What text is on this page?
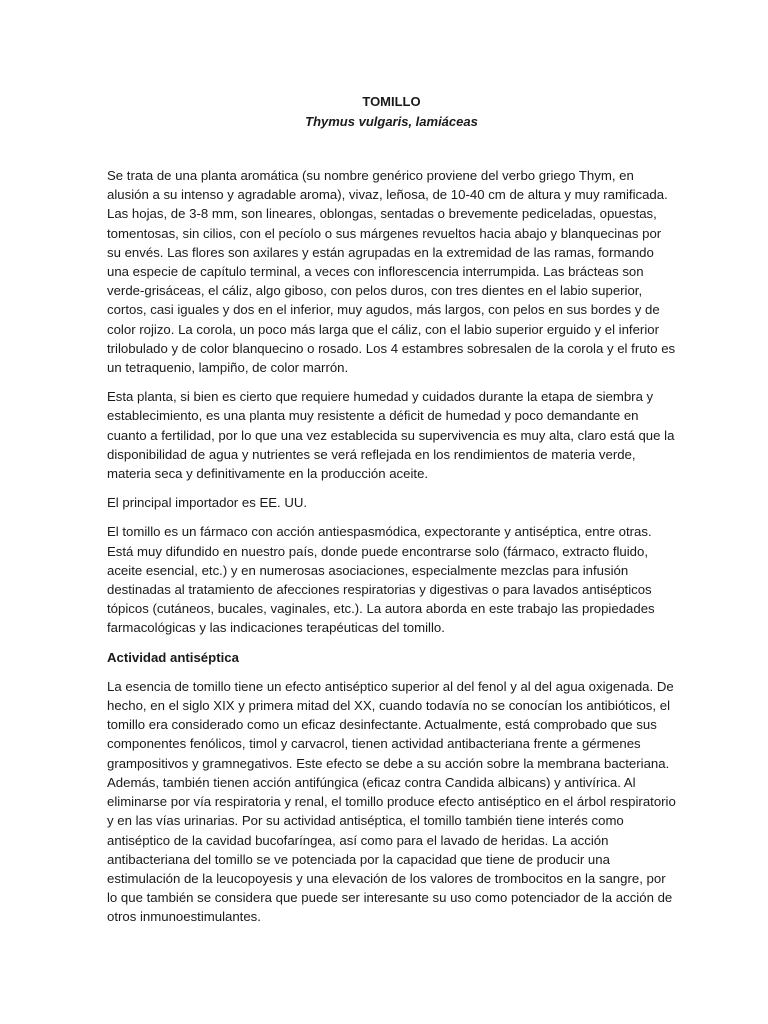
TOMILLO
Thymus vulgaris, lamiáceas

Se trata de una planta aromática (su nombre genérico proviene del verbo griego Thym, en alusión a su intenso y agradable aroma), vivaz, leñosa, de 10-40 cm de altura y muy ramificada. Las hojas, de 3-8 mm, son lineares, oblongas, sentadas o brevemente pediceladas, opuestas, tomentosas, sin cilios, con el pecíolo o sus márgenes revueltos hacia abajo y blanquecinas por su envés. Las flores son axilares y están agrupadas en la extremidad de las ramas, formando una especie de capítulo terminal, a veces con inflorescencia interrumpida. Las brácteas son verde-grisáceas, el cáliz, algo giboso, con pelos duros, con tres dientes en el labio superior, cortos, casi iguales y dos en el inferior, muy agudos, más largos, con pelos en sus bordes y de color rojizo. La corola, un poco más larga que el cáliz, con el labio superior erguido y el inferior trilobulado y de color blanquecino o rosado. Los 4 estambres sobresalen de la corola y el fruto es un tetraquenio, lampiño, de color marrón.

Esta planta, si bien es cierto que requiere humedad y cuidados durante la etapa de siembra y establecimiento, es una planta muy resistente a déficit de humedad y poco demandante en cuanto a fertilidad, por lo que una vez establecida su supervivencia es muy alta, claro está que la disponibilidad de agua y nutrientes se verá reflejada en los rendimientos de materia verde, materia seca y definitivamente en la producción aceite.

El principal importador es EE. UU.

El tomillo es un fármaco con acción antiespasmódica, expectorante y antiséptica, entre otras. Está muy difundido en nuestro país, donde puede encontrarse solo (fármaco, extracto fluido, aceite esencial, etc.) y en numerosas asociaciones, especialmente mezclas para infusión destinadas al tratamiento de afecciones respiratorias y digestivas o para lavados antisépticos tópicos (cutáneos, bucales, vaginales, etc.). La autora aborda en este trabajo las propiedades farmacológicas y las indicaciones terapéuticas del tomillo.

Actividad antiséptica

La esencia de tomillo tiene un efecto antiséptico superior al del fenol y al del agua oxigenada. De hecho, en el siglo XIX y primera mitad del XX, cuando todavía no se conocían los antibióticos, el tomillo era considerado como un eficaz desinfectante. Actualmente, está comprobado que sus componentes fenólicos, timol y carvacrol, tienen actividad antibacteriana frente a gérmenes grampositivos y gramnegativos. Este efecto se debe a su acción sobre la membrana bacteriana. Además, también tienen acción antifúngica (eficaz contra Candida albicans) y antivírica. Al eliminarse por vía respiratoria y renal, el tomillo produce efecto antiséptico en el árbol respiratorio y en las vías urinarias. Por su actividad antiséptica, el tomillo también tiene interés como antiséptico de la cavidad bucofaríngea, así como para el lavado de heridas. La acción antibacteriana del tomillo se ve potenciada por la capacidad que tiene de producir una estimulación de la leucopoyesis y una elevación de los valores de trombocitos en la sangre, por lo que también se considera que puede ser interesante su uso como potenciador de la acción de otros inmunoestimulantes.
